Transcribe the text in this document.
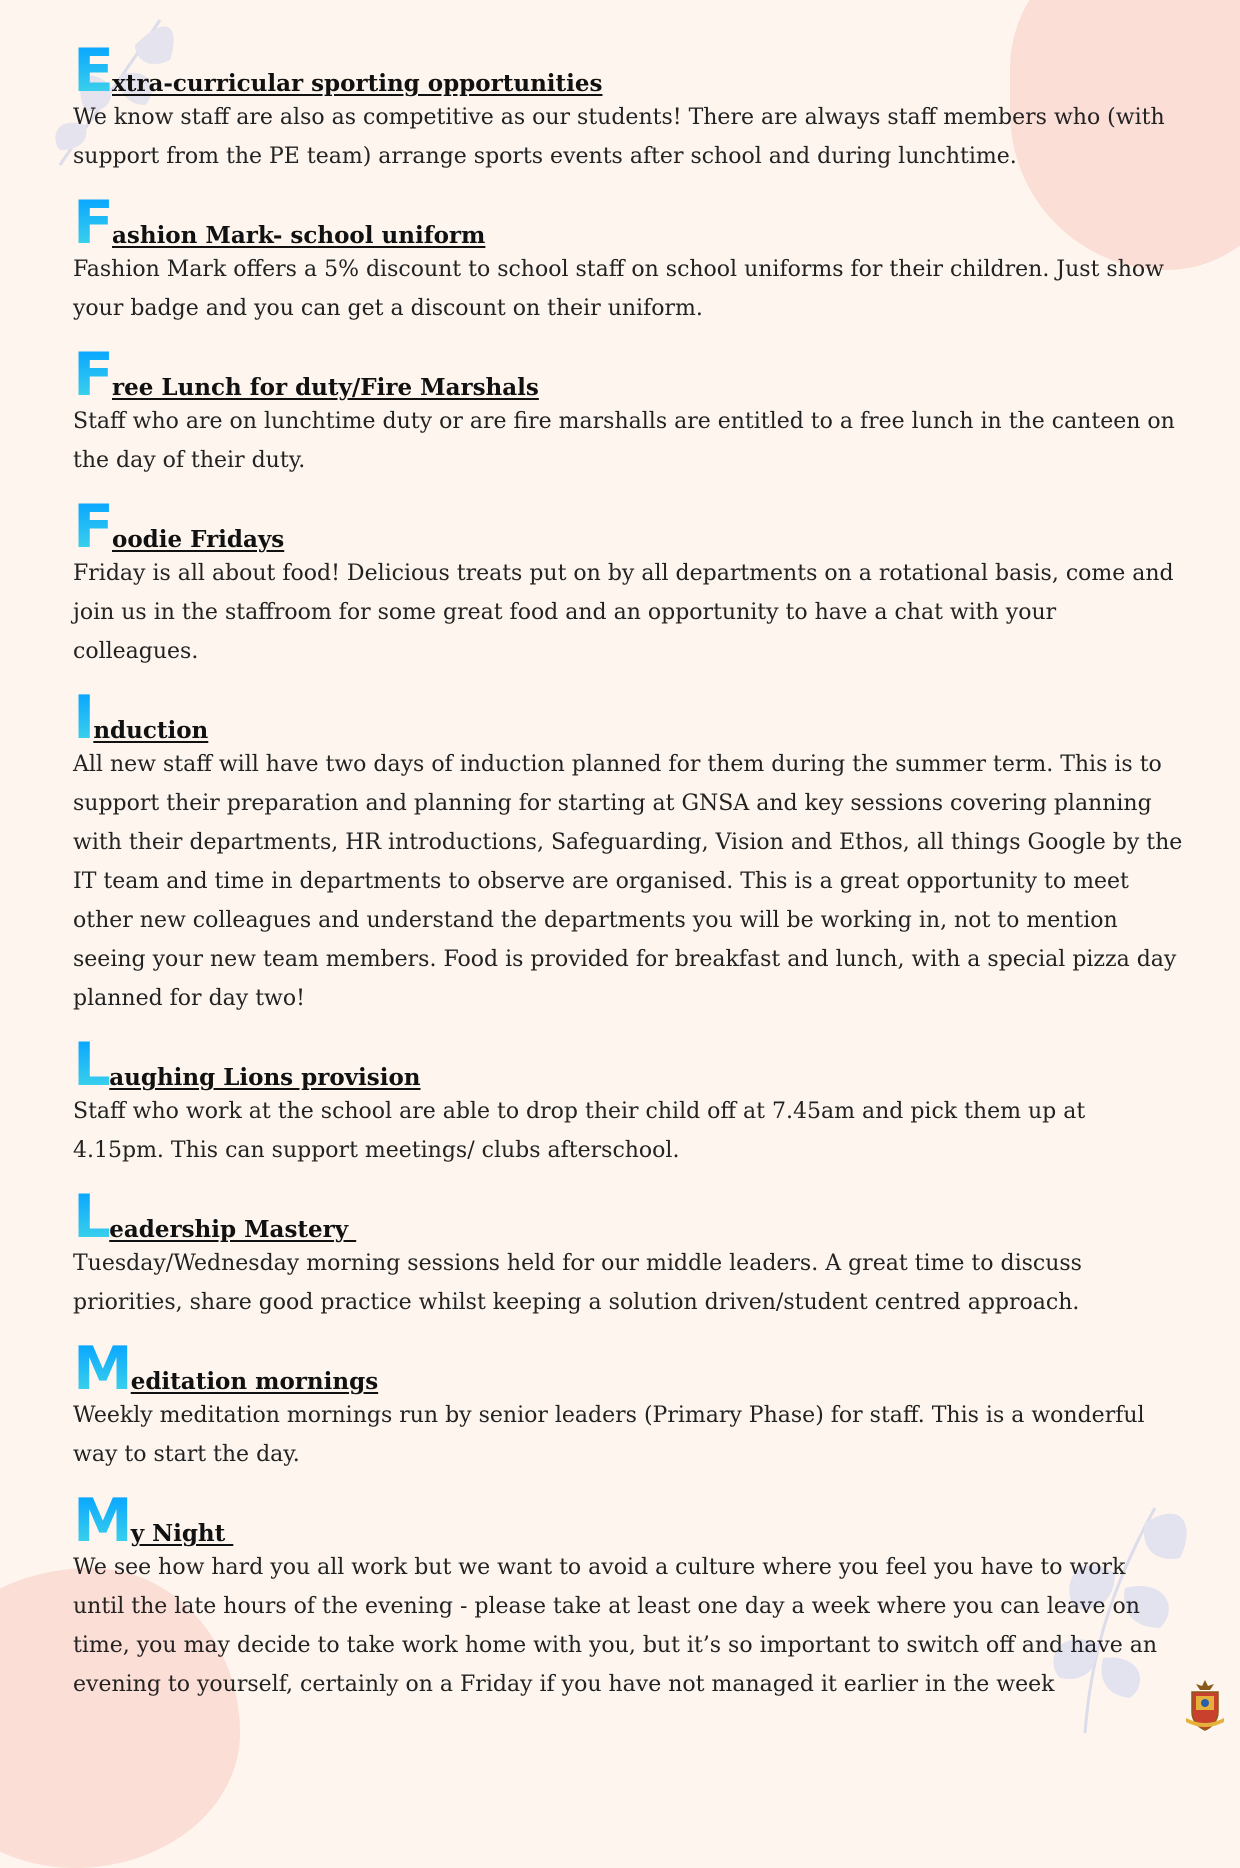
E xtra-curricular sporting opportunities

We know staff are also as competitive as our students! There are always staff members who (with support from the PE team) arrange sports events after school and during lunchtime.

F ashion Mark- school uniform

Fashion Mark offers a 5% discount to school staff on school uniforms for their children. Just show your badge and you can get a discount on their uniform.

F ree Lunch for duty/Fire Marshals

Staff who are on lunchtime duty or are fire marshalls are entitled to a free lunch in the canteen on the day of their duty.

F oodie Fridays

Friday is all about food! Delicious treats put on by all departments on a rotational basis, come and join us in the staffroom for some great food and an opportunity to have a chat with your colleagues.

I nduction

All new staff will have two days of induction planned for them during the summer term. This is to support their preparation and planning for starting at GNSA and key sessions covering planning with their departments, HR introductions, Safeguarding, Vision and Ethos, all things Google by the IT team and time in departments to observe are organised. This is a great opportunity to meet other new colleagues and understand the departments you will be working in, not to mention seeing your new team members. Food is provided for breakfast and lunch, with a special pizza day planned for day two!

L aughing Lions provision

Staff who work at the school are able to drop their child off at 7.45am and pick them up at 4.15pm. This can support meetings/ clubs afterschool.

L eadership Mastery

Tuesday/Wednesday morning sessions held for our middle leaders. A great time to discuss priorities, share good practice whilst keeping a solution driven/student centred approach.

M editation mornings

Weekly meditation mornings run by senior leaders (Primary Phase) for staff. This is a wonderful way to start the day.

M y Night

We see how hard you all work but we want to avoid a culture where you feel you have to work until the late hours of the evening - please take at least one day a week where you can leave on time, you may decide to take work home with you, but it’s so important to switch off and have an evening to yourself, certainly on a Friday if you have not managed it earlier in the week
